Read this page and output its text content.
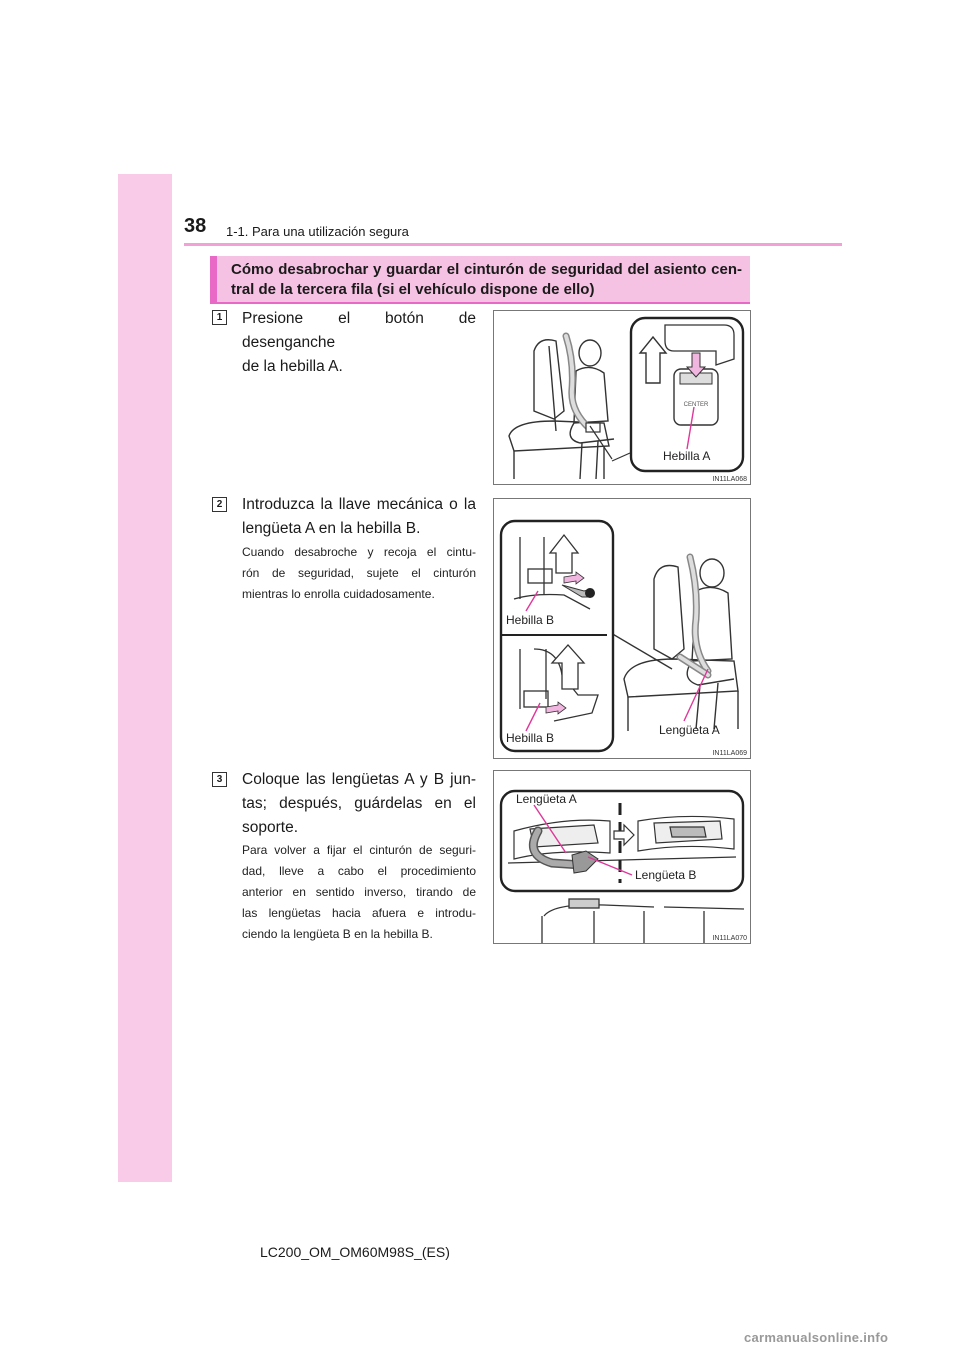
38 1-1. Para una utilización segura
Cómo desabrochar y guardar el cinturón de seguridad del asiento cen-
tral de la tercera fila (si el vehículo dispone de ello)
1	Presione el botón de desenganche
de la hebilla A.
CENTER
Hebilla A
IN11LA068
2	Introduzca la llave mecánica o la
lengüeta A en la hebilla B.
Cuando desabroche y recoja el cintu-
rón de seguridad, sujete el cinturón
mientras lo enrolla cuidadosamente.
Hebilla B
Hebilla B
Lengüeta A
IN11LA069
3	Coloque las lengüetas A y B jun-
tas; después, guárdelas en el
soporte.
Para volver a fijar el cinturón de seguri-
dad, lleve a cabo el procedimiento
anterior en sentido inverso, tirando de
las lengüetas hacia afuera e introdu-
ciendo la lengüeta B en la hebilla B.
Lengüeta A
Lengüeta B
IN11LA070
LC200_OM_OM60M98S_(ES)
carmanualsonline.info
